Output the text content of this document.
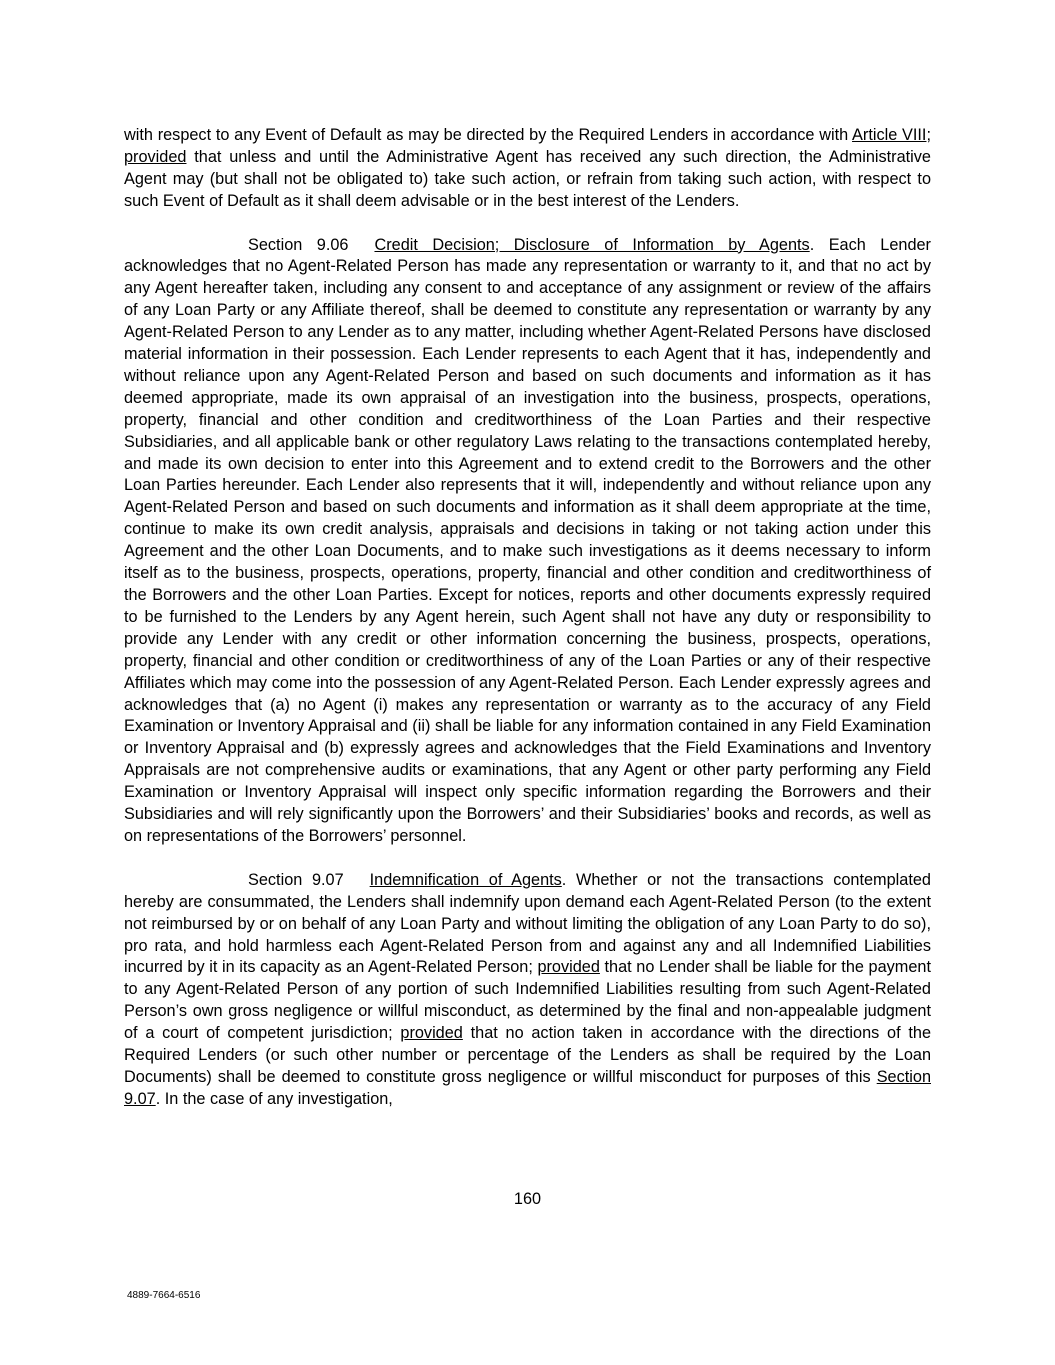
with respect to any Event of Default as may be directed by the Required Lenders in accordance with Article VIII; provided that unless and until the Administrative Agent has received any such direction, the Administrative Agent may (but shall not be obligated to) take such action, or refrain from taking such action, with respect to such Event of Default as it shall deem advisable or in the best interest of the Lenders.

Section 9.06 Credit Decision; Disclosure of Information by Agents. Each Lender acknowledges that no Agent-Related Person has made any representation or warranty to it, and that no act by any Agent hereafter taken, including any consent to and acceptance of any assignment or review of the affairs of any Loan Party or any Affiliate thereof, shall be deemed to constitute any representation or warranty by any Agent-Related Person to any Lender as to any matter, including whether Agent-Related Persons have disclosed material information in their possession. Each Lender represents to each Agent that it has, independently and without reliance upon any Agent-Related Person and based on such documents and information as it has deemed appropriate, made its own appraisal of an investigation into the business, prospects, operations, property, financial and other condition and creditworthiness of the Loan Parties and their respective Subsidiaries, and all applicable bank or other regulatory Laws relating to the transactions contemplated hereby, and made its own decision to enter into this Agreement and to extend credit to the Borrowers and the other Loan Parties hereunder. Each Lender also represents that it will, independently and without reliance upon any Agent-Related Person and based on such documents and information as it shall deem appropriate at the time, continue to make its own credit analysis, appraisals and decisions in taking or not taking action under this Agreement and the other Loan Documents, and to make such investigations as it deems necessary to inform itself as to the business, prospects, operations, property, financial and other condition and creditworthiness of the Borrowers and the other Loan Parties. Except for notices, reports and other documents expressly required to be furnished to the Lenders by any Agent herein, such Agent shall not have any duty or responsibility to provide any Lender with any credit or other information concerning the business, prospects, operations, property, financial and other condition or creditworthiness of any of the Loan Parties or any of their respective Affiliates which may come into the possession of any Agent-Related Person. Each Lender expressly agrees and acknowledges that (a) no Agent (i) makes any representation or warranty as to the accuracy of any Field Examination or Inventory Appraisal and (ii) shall be liable for any information contained in any Field Examination or Inventory Appraisal and (b) expressly agrees and acknowledges that the Field Examinations and Inventory Appraisals are not comprehensive audits or examinations, that any Agent or other party performing any Field Examination or Inventory Appraisal will inspect only specific information regarding the Borrowers and their Subsidiaries and will rely significantly upon the Borrowers’ and their Subsidiaries’ books and records, as well as on representations of the Borrowers’ personnel.

Section 9.07 Indemnification of Agents. Whether or not the transactions contemplated hereby are consummated, the Lenders shall indemnify upon demand each Agent-Related Person (to the extent not reimbursed by or on behalf of any Loan Party and without limiting the obligation of any Loan Party to do so), pro rata, and hold harmless each Agent-Related Person from and against any and all Indemnified Liabilities incurred by it in its capacity as an Agent-Related Person; provided that no Lender shall be liable for the payment to any Agent-Related Person of any portion of such Indemnified Liabilities resulting from such Agent-Related Person’s own gross negligence or willful misconduct, as determined by the final and non-appealable judgment of a court of competent jurisdiction; provided that no action taken in accordance with the directions of the Required Lenders (or such other number or percentage of the Lenders as shall be required by the Loan Documents) shall be deemed to constitute gross negligence or willful misconduct for purposes of this Section 9.07. In the case of any investigation,

160
4889-7664-6516
